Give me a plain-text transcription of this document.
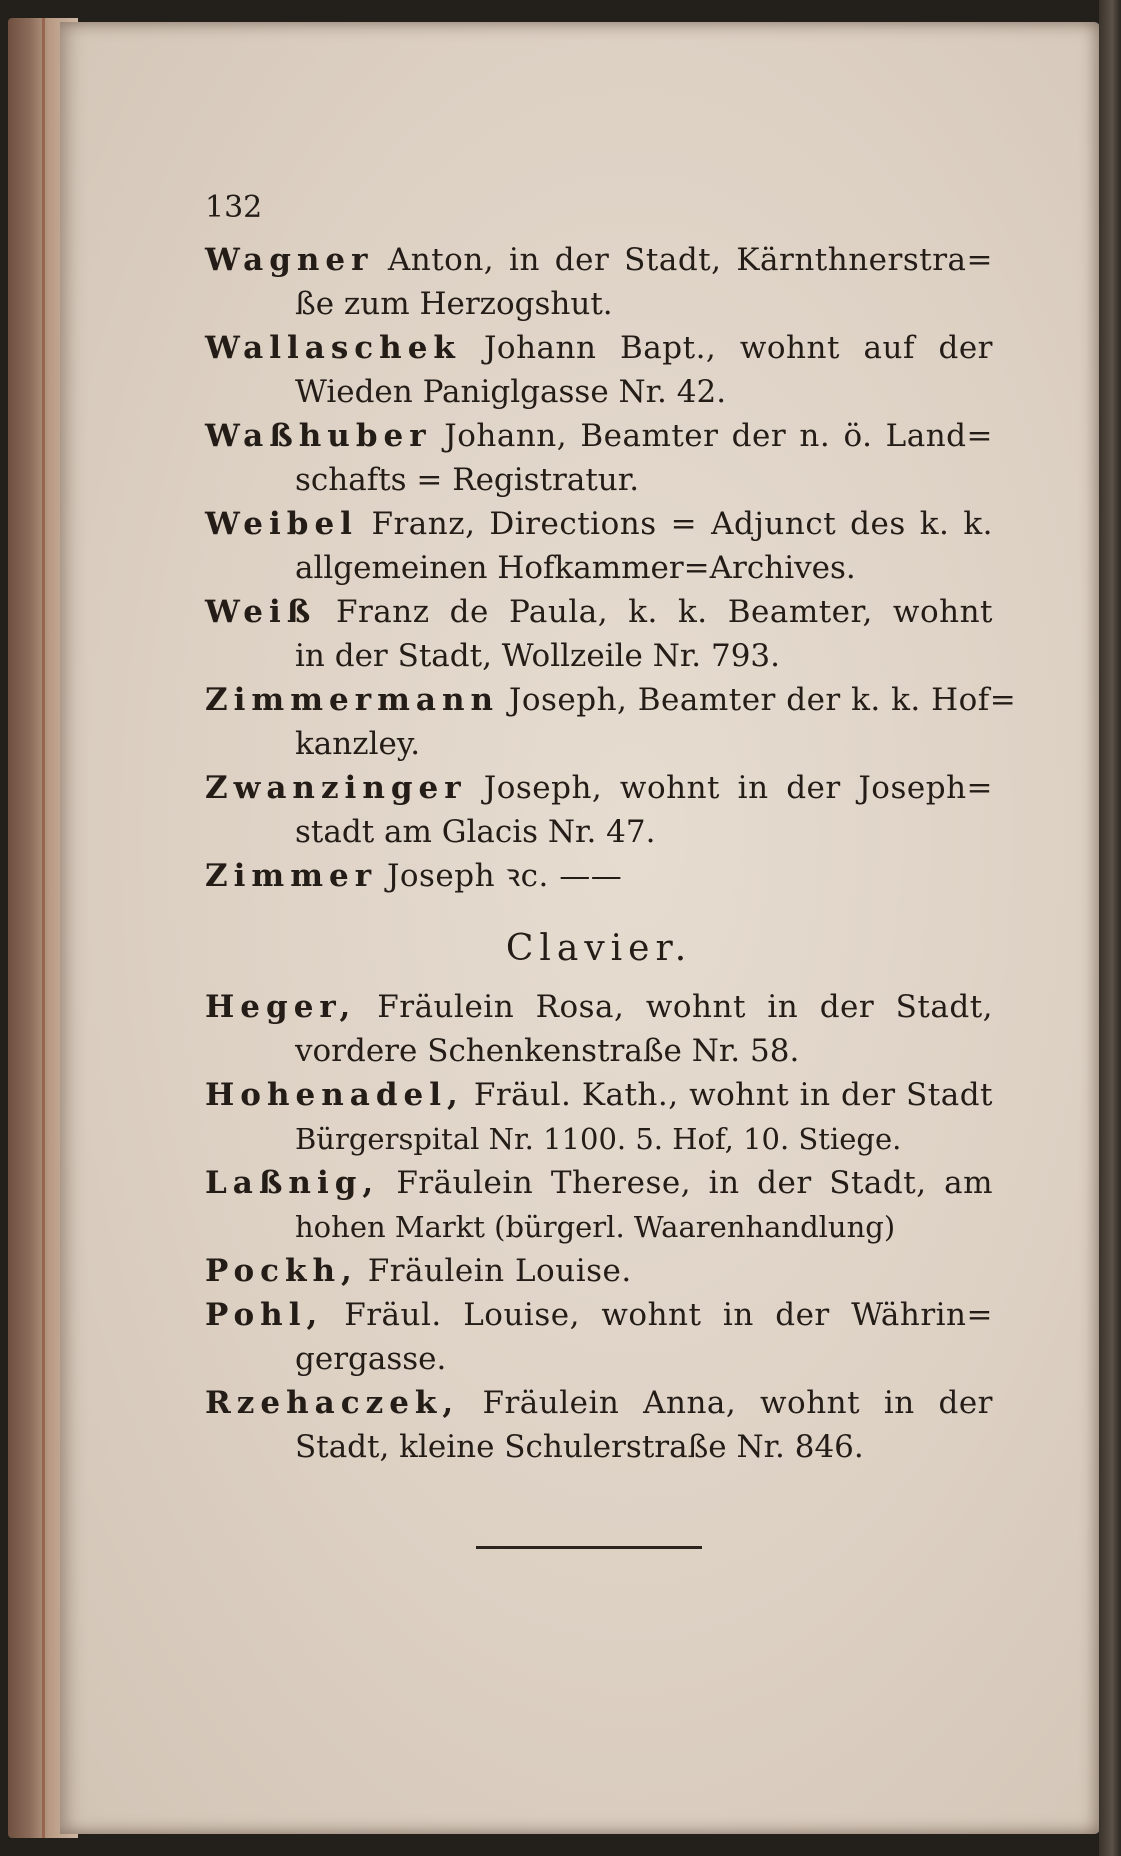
132
Wagner Anton, in der Stadt, Kärnthnerstra=
ße zum Herzogshut.
Wallaschek Johann Bapt., wohnt auf der
Wieden Paniglgasse Nr. 42.
Waßhuber Johann, Beamter der n. ö. Land=
schafts = Registratur.
Weibel Franz, Directions = Adjunct des k. k.
allgemeinen Hofkammer=Archives.
Weiß Franz de Paula, k. k. Beamter, wohnt
in der Stadt, Wollzeile Nr. 793.
Zimmermann Joseph, Beamter der k. k. Hof=
kanzley.
Zwanzinger Joseph, wohnt in der Joseph=
stadt am Glacis Nr. 47.
Zimmer Joseph ꝛc. ——
Clavier.
Heger, Fräulein Rosa, wohnt in der Stadt,
vordere Schenkenstraße Nr. 58.
Hohenadel, Fräul. Kath., wohnt in der Stadt
Bürgerspital Nr. 1100. 5. Hof, 10. Stiege.
Laßnig, Fräulein Therese, in der Stadt, am
hohen Markt (bürgerl. Waarenhandlung)
Pockh, Fräulein Louise.
Pohl, Fräul. Louise, wohnt in der Währin=
gergasse.
Rzehaczek, Fräulein Anna, wohnt in der
Stadt, kleine Schulerstraße Nr. 846.
